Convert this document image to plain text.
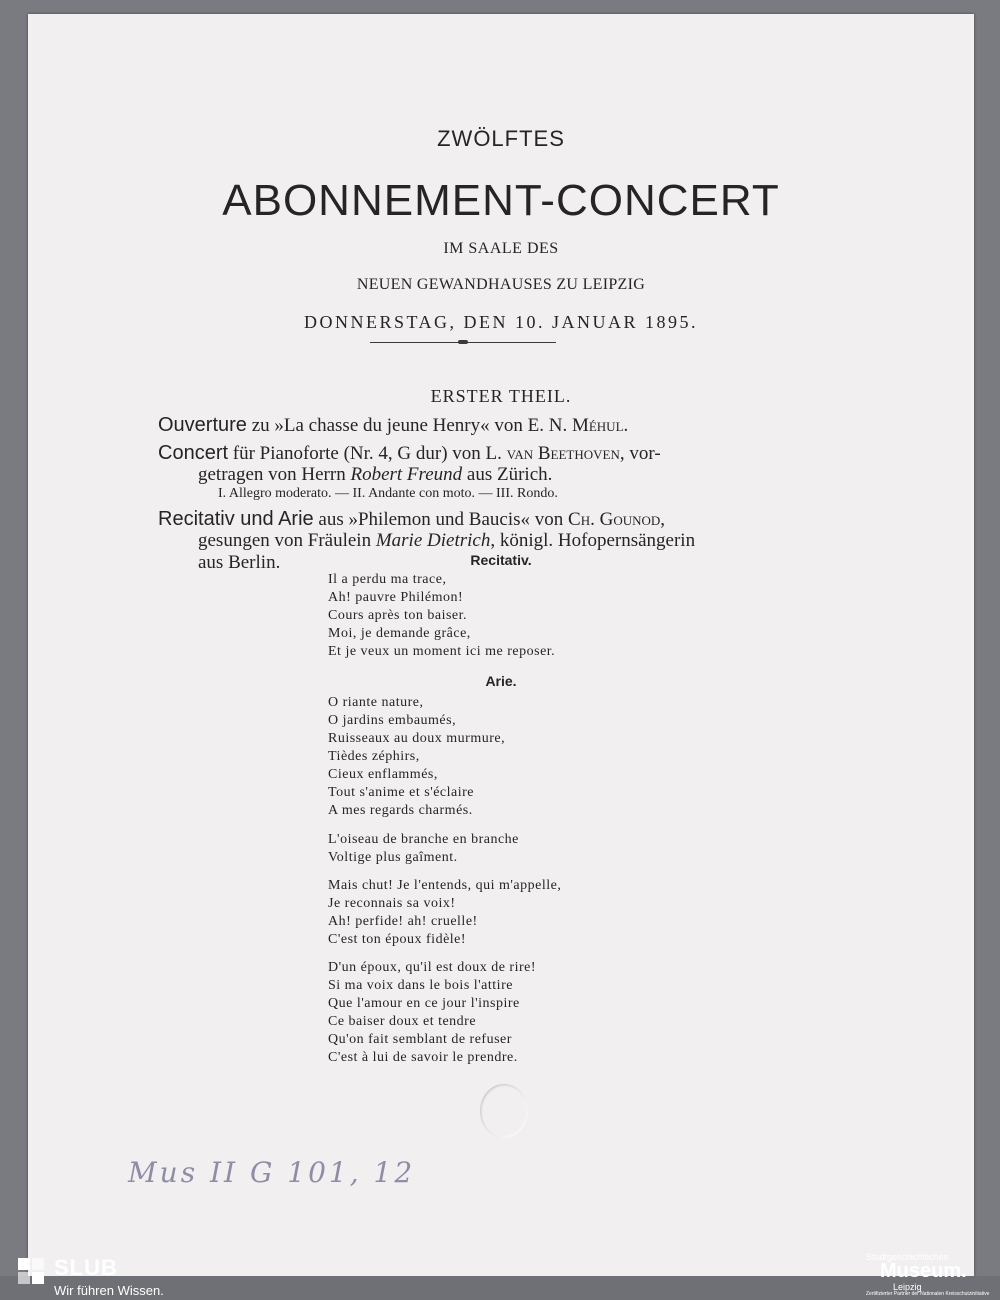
ZWÖLFTES
ABONNEMENT-CONCERT
IM SAALE DES
NEUEN GEWANDHAUSES ZU LEIPZIG
DONNERSTAG, DEN 10. JANUAR 1895.
ERSTER THEIL.
Ouverture zu »La chasse du jeune Henry« von E. N. Méhul.
Concert für Pianoforte (Nr. 4, G dur) von L. van Beethoven, vor-
getragen von Herrn Robert Freund aus Zürich.
I. Allegro moderato. — II. Andante con moto. — III. Rondo.
Recitativ und Arie aus »Philemon und Baucis« von Ch. Gounod,
gesungen von Fräulein Marie Dietrich, königl. Hofopernsängerin
aus Berlin.	Recitativ.
Il a perdu ma trace,
Ah! pauvre Philémon!
Cours après ton baiser.
Moi, je demande grâce,
Et je veux un moment ici me reposer.
Arie.
O riante nature,
O jardins embaumés,
Ruisseaux au doux murmure,
Tièdes zéphirs,
Cieux enflammés,
Tout s'anime et s'éclaire
A mes regards charmés.
L'oiseau de branche en branche
Voltige plus gaîment.
Mais chut! Je l'entends, qui m'appelle,
Je reconnais sa voix!
Ah! perfide! ah! cruelle!
C'est ton époux fidèle!
D'un époux, qu'il est doux de rire!
Si ma voix dans le bois l'attire
Que l'amour en ce jour l'inspire
Ce baiser doux et tendre
Qu'on fait semblant de refuser
C'est à lui de savoir le prendre.
Mus II G 101, 12
SLUB
Wir führen Wissen.
Stadtgeschichtliches
Museum.
Leipzig
Zertifizierter Partner der Nationalen Kreisschutzinitiative
